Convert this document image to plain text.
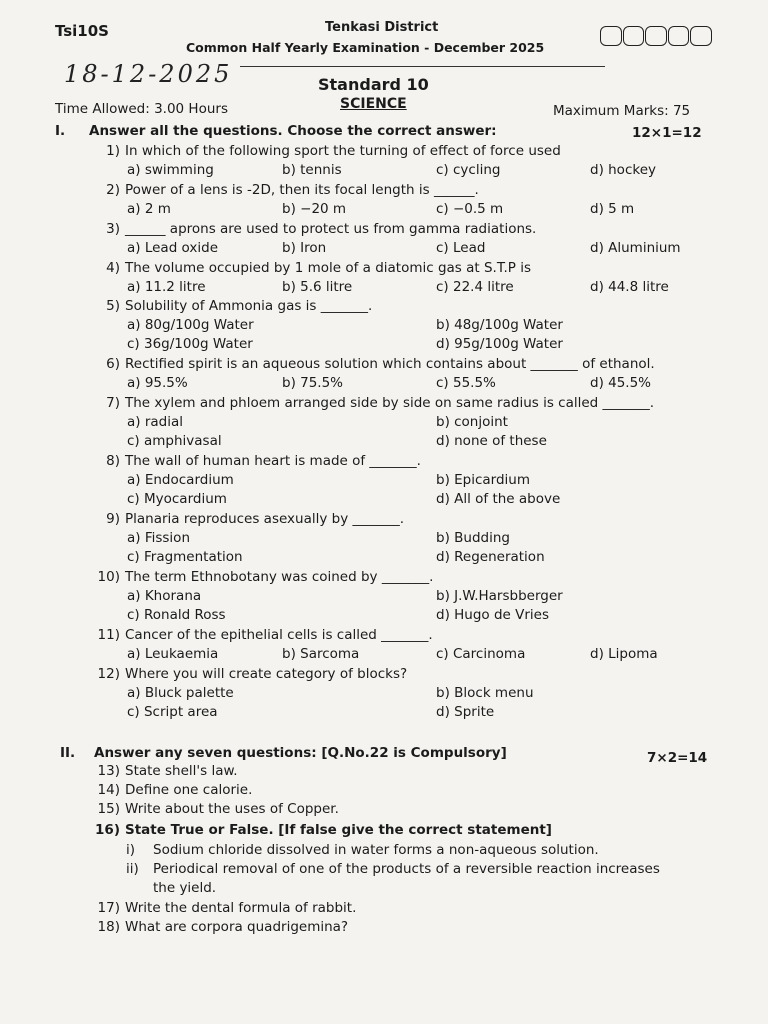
Tsi10S	Tenkasi District
Common Half Yearly Examination - December 2025
18-12-2025	Standard 10
SCIENCE
Time Allowed: 3.00 Hours	Maximum Marks: 75
I. Answer all the questions. Choose the correct answer:	12×1=12
1) In which of the following sport the turning of effect of force used
a) swimming	b) tennis	c) cycling	d) hockey
2) Power of a lens is -2D, then its focal length is ______.
a) 2 m	b) −20 m	c) −0.5 m	d) 5 m
3) ______ aprons are used to protect us from gamma radiations.
a) Lead oxide	b) Iron	c) Lead	d) Aluminium
4) The volume occupied by 1 mole of a diatomic gas at S.T.P is
a) 11.2 litre	b) 5.6 litre	c) 22.4 litre	d) 44.8 litre
5) Solubility of Ammonia gas is _______.
a) 80g/100g Water	b) 48g/100g Water
c) 36g/100g Water	d) 95g/100g Water
6) Rectified spirit is an aqueous solution which contains about _______ of ethanol.
a) 95.5%	b) 75.5%	c) 55.5%	d) 45.5%
7) The xylem and phloem arranged side by side on same radius is called _______.
a) radial	b) conjoint
c) amphivasal	d) none of these
8) The wall of human heart is made of _______.
a) Endocardium	b) Epicardium
c) Myocardium	d) All of the above
9) Planaria reproduces asexually by _______.
a) Fission	b) Budding
c) Fragmentation	d) Regeneration
10) The term Ethnobotany was coined by _______.
a) Khorana	b) J.W.Harsbberger
c) Ronald Ross	d) Hugo de Vries
11) Cancer of the epithelial cells is called _______.
a) Leukaemia	b) Sarcoma	c) Carcinoma	d) Lipoma
12) Where you will create category of blocks?
a) Bluck palette	b) Block menu
c) Script area	d) Sprite
II. Answer any seven questions: [Q.No.22 is Compulsory]	7×2=14
13) State shell's law.
14) Define one calorie.
15) Write about the uses of Copper.
16) State True or False. [If false give the correct statement]
i) Sodium chloride dissolved in water forms a non-aqueous solution.
ii) Periodical removal of one of the products of a reversible reaction increases
the yield.
17) Write the dental formula of rabbit.
18) What are corpora quadrigemina?
